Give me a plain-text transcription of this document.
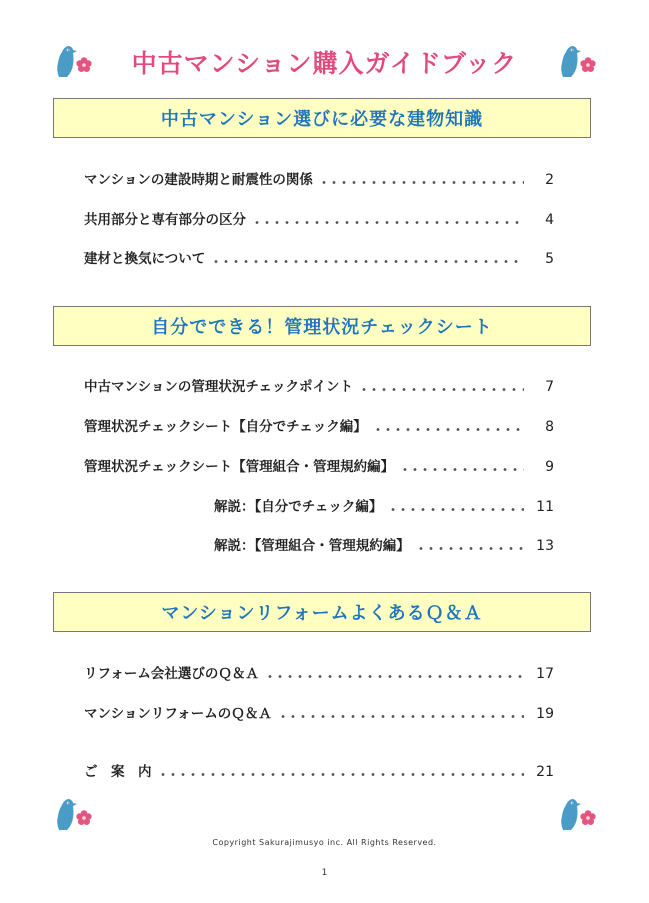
中古マンション購入ガイドブック
中古マンション選びに必要な建物知識
マンションの建設時期と耐震性の関係	2
共用部分と専有部分の区分	4
建材と換気について	5
自分でできる！管理状況チェックシート
中古マンションの管理状況チェックポイント	7
管理状況チェックシート【自分でチェック編】	8
管理状況チェックシート【管理組合・管理規約編】	9
解説：【自分でチェック編】	11
解説：【管理組合・管理規約編】	13
マンションリフォームよくあるＱ＆Ａ
リフォーム会社選びのＱ＆Ａ	17
マンションリフォームのＱ＆Ａ	19
ご　案　内	21
Copyright Sakurajimusyo inc. All Rights Reserved.
1
